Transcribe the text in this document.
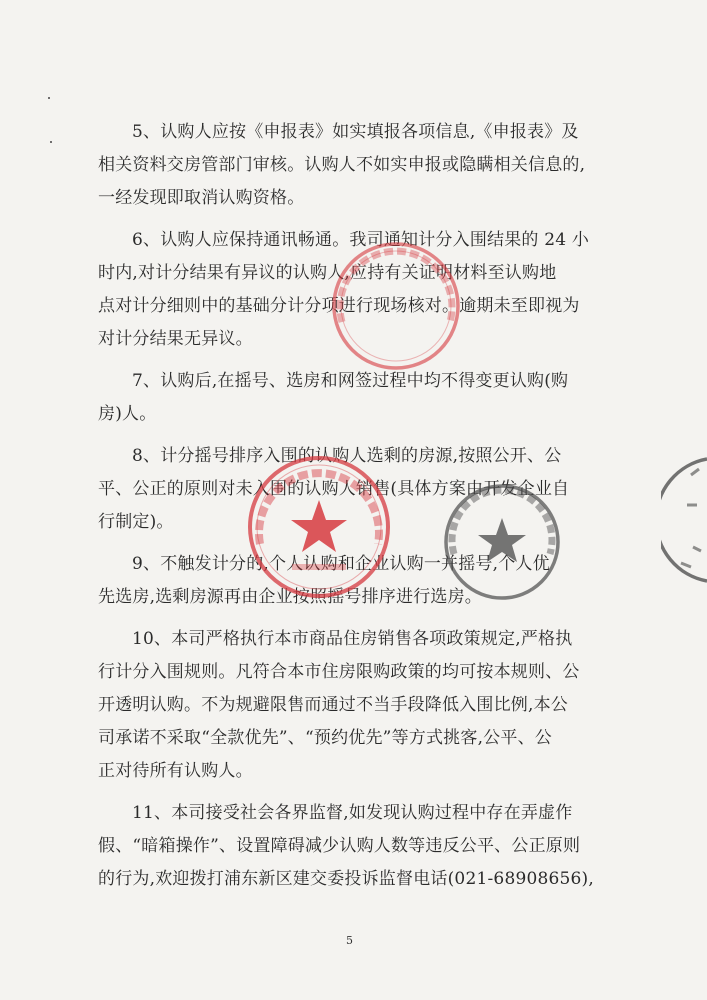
5、认购人应按《申报表》如实填报各项信息,《申报表》及
相关资料交房管部门审核。认购人不如实申报或隐瞒相关信息的,
一经发现即取消认购资格。
6、认购人应保持通讯畅通。我司通知计分入围结果的 24 小
时内,对计分结果有异议的认购人,应持有关证明材料至认购地
点对计分细则中的基础分计分项进行现场核对。逾期未至即视为
对计分结果无异议。
7、认购后,在摇号、选房和网签过程中均不得变更认购(购
房)人。
8、计分摇号排序入围的认购人选剩的房源,按照公开、公
平、公正的原则对未入围的认购人销售(具体方案由开发企业自
行制定)。
9、不触发计分的,个人认购和企业认购一并摇号,个人优
先选房,选剩房源再由企业按照摇号排序进行选房。
10、本司严格执行本市商品住房销售各项政策规定,严格执
行计分入围规则。凡符合本市住房限购政策的均可按本规则、公
开透明认购。不为规避限售而通过不当手段降低入围比例,本公
司承诺不采取“全款优先”、“预约优先”等方式挑客,公平、公
正对待所有认购人。
11、本司接受社会各界监督,如发现认购过程中存在弄虚作
假、“暗箱操作”、设置障碍减少认购人数等违反公平、公正原则
的行为,欢迎拨打浦东新区建交委投诉监督电话(021-68908656),
5
